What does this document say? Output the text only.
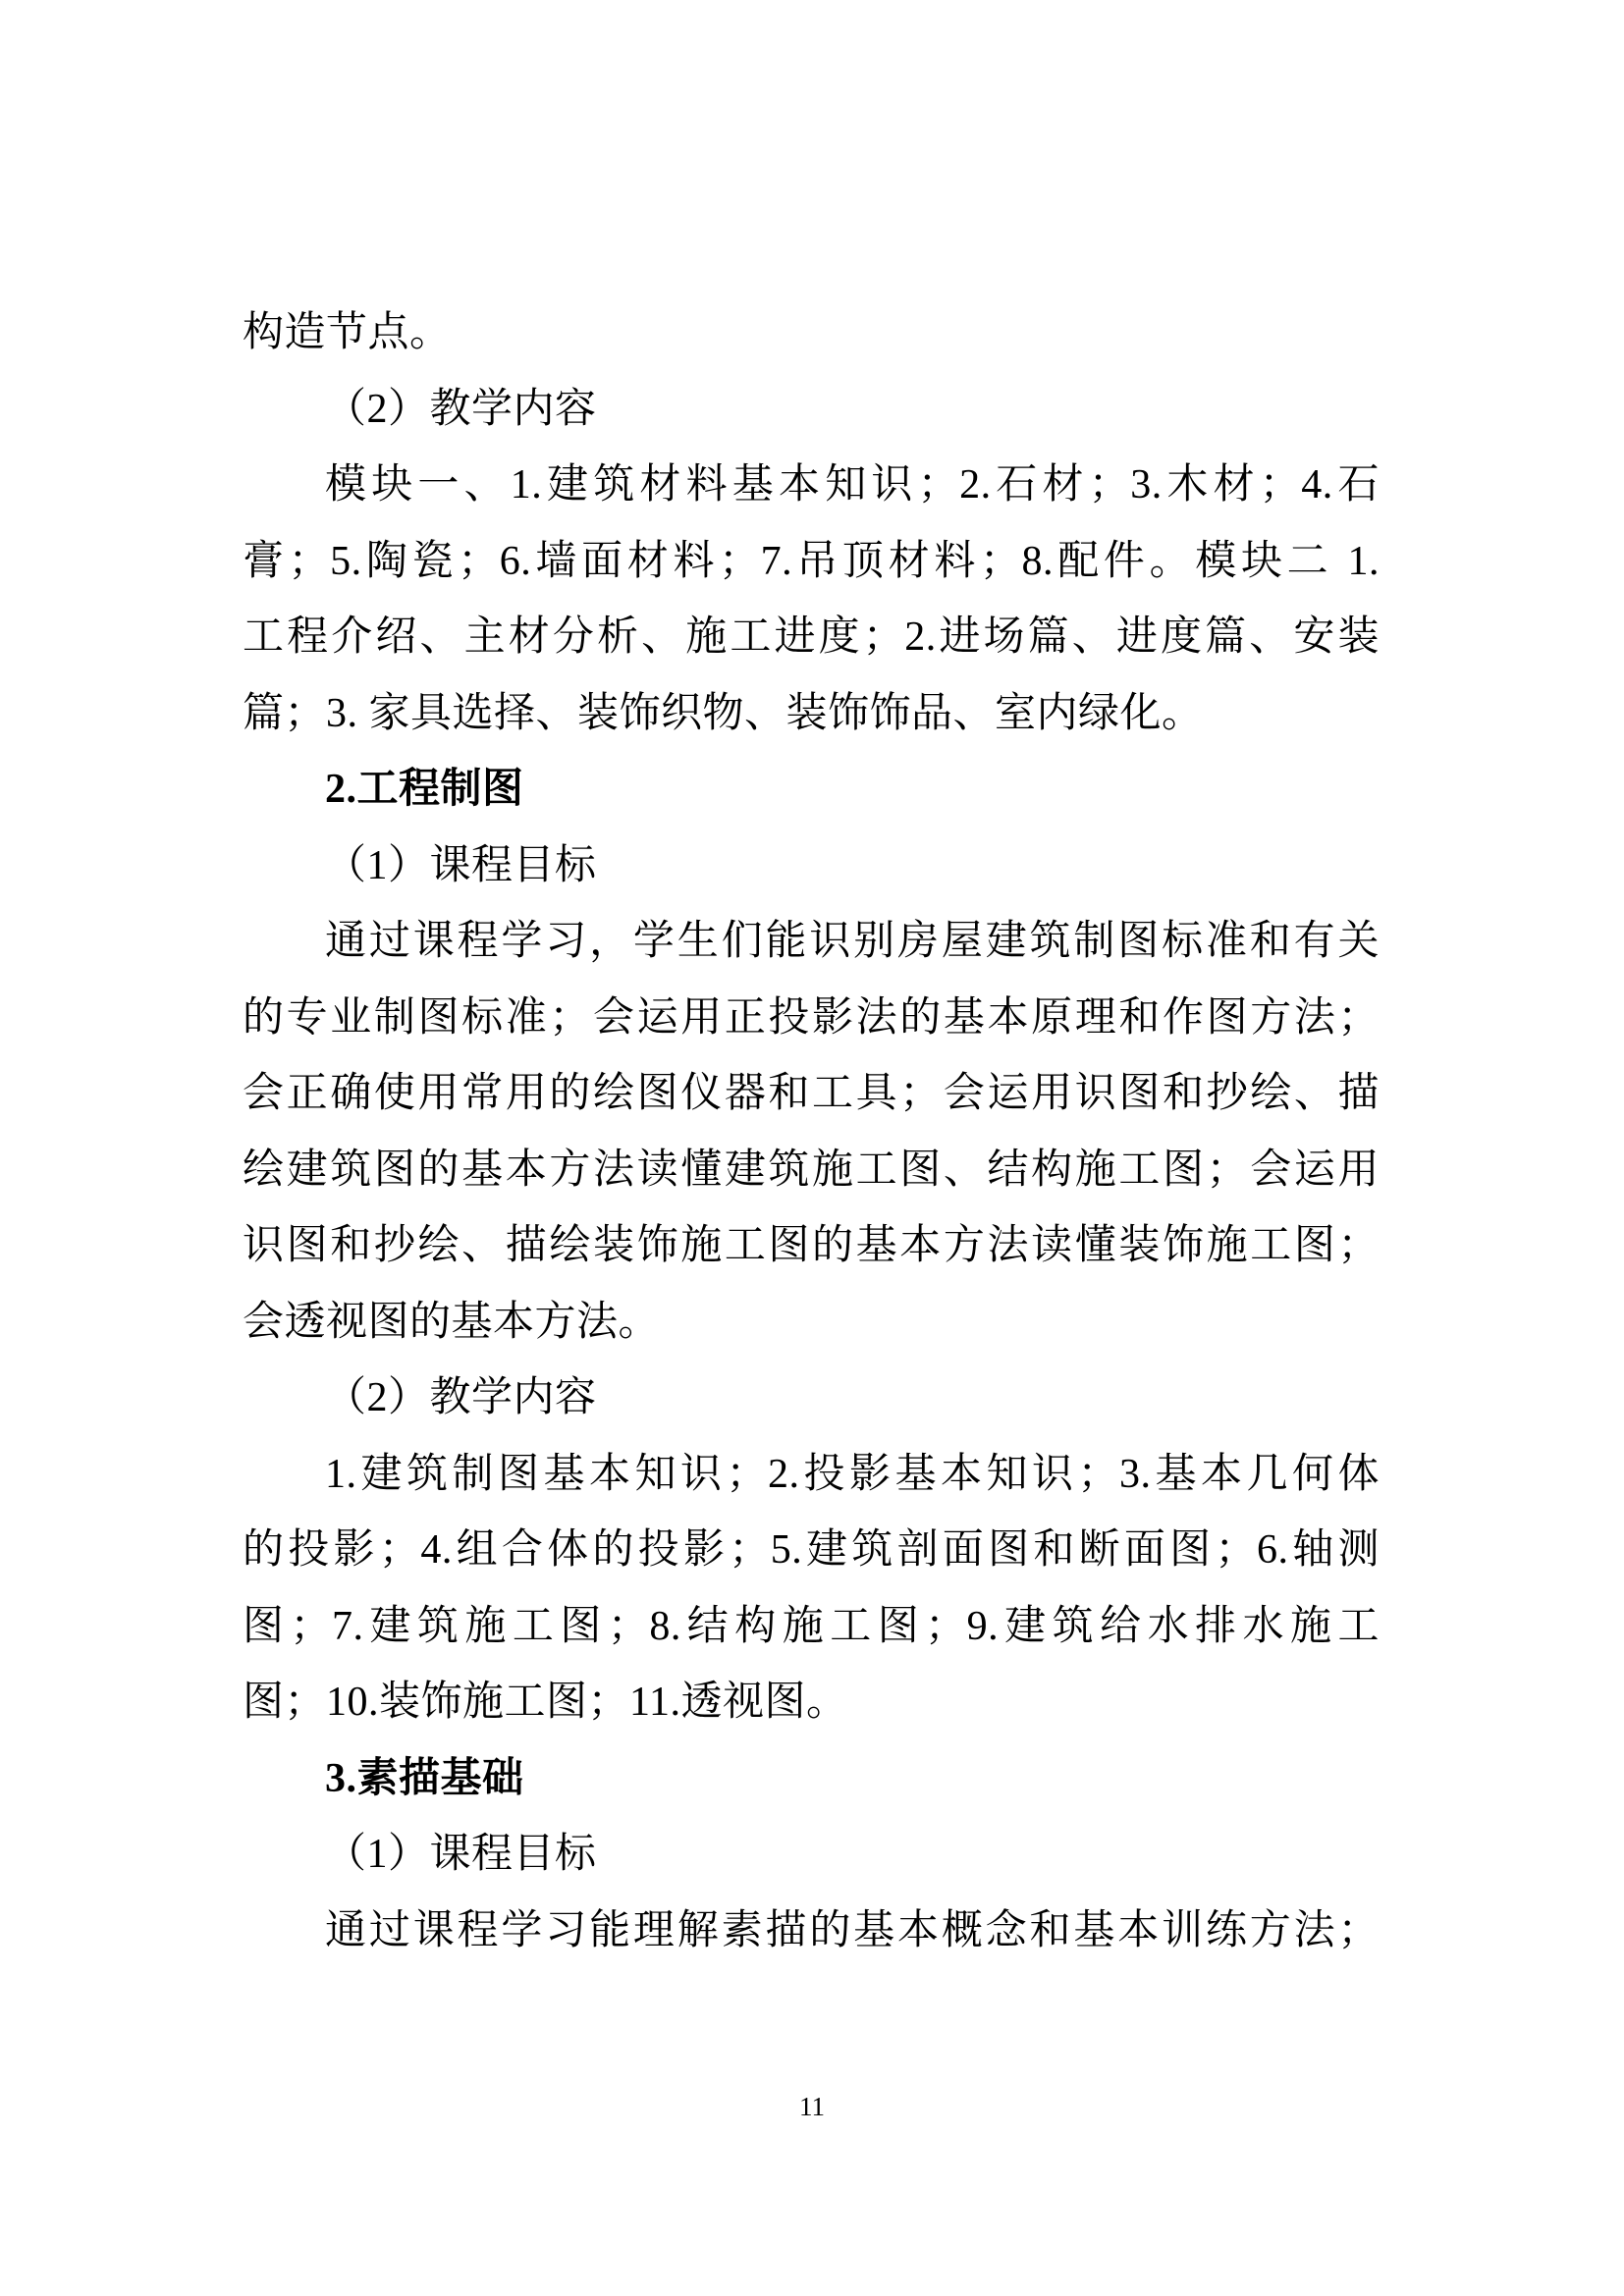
构造节点。
（2）教学内容
模块一、1.建筑材料基本知识；2.石材；3.木材；4.石
膏；5.陶瓷；6.墙面材料；7.吊顶材料；8.配件。模块二 1.
工程介绍、主材分析、施工进度；2.进场篇、进度篇、安装
篇；3. 家具选择、装饰织物、装饰饰品、室内绿化。
2.工程制图
（1）课程目标
通过课程学习，学生们能识别房屋建筑制图标准和有关
的专业制图标准；会运用正投影法的基本原理和作图方法；
会正确使用常用的绘图仪器和工具；会运用识图和抄绘、描
绘建筑图的基本方法读懂建筑施工图、结构施工图；会运用
识图和抄绘、描绘装饰施工图的基本方法读懂装饰施工图；
会透视图的基本方法。
（2）教学内容
1.建筑制图基本知识；2.投影基本知识；3.基本几何体
的投影；4.组合体的投影；5.建筑剖面图和断面图；6.轴测
图；7.建筑施工图；8.结构施工图；9.建筑给水排水施工
图；10.装饰施工图；11.透视图。
3.素描基础
（1）课程目标
通过课程学习能理解素描的基本概念和基本训练方法；
11
